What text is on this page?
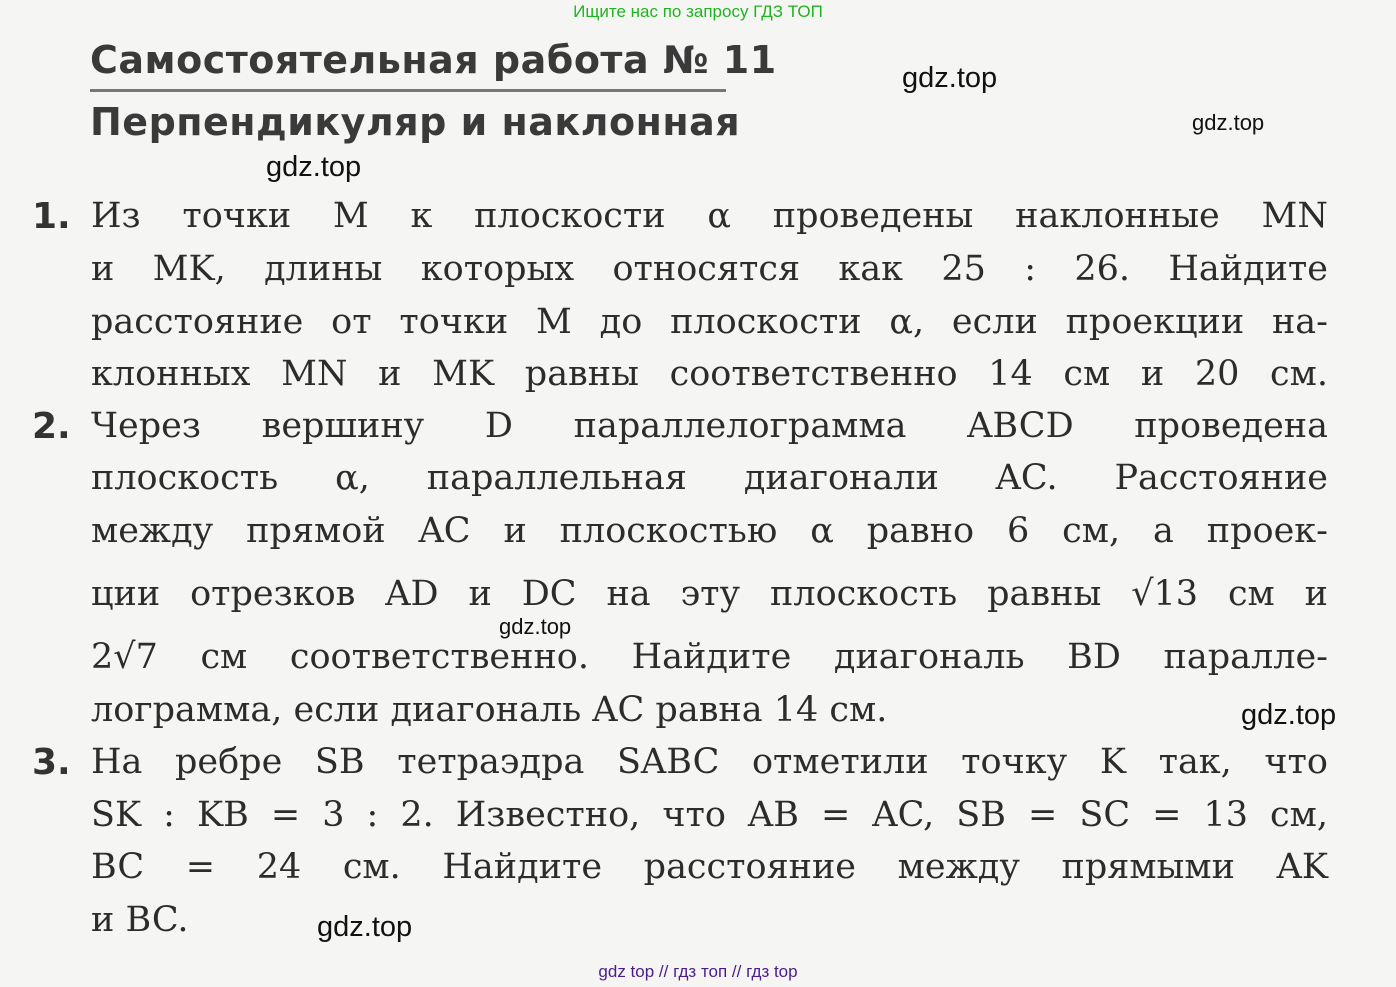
Ищите нас по запросу ГДЗ ТОП
Самостоятельная работа № 11
Перпендикуляр и наклонная
gdz.top
gdz.top
gdz.top
gdz.top
gdz.top
gdz.top
1. Из точки M к плоскости α проведены наклонные MN
и MK, длины которых относятся как 25 : 26. Найдите
расстояние от точки M до плоскости α, если проекции на-
клонных MN и MK равны соответственно 14 см и 20 см.
2. Через вершину D параллелограмма ABCD проведена
плоскость α, параллельная диагонали AC. Расстояние
между прямой AC и плоскостью α равно 6 см, а проек-
ции отрезков AD и DC на эту плоскость равны √13 см и
2√7 см соответственно. Найдите диагональ BD паралле-
лограмма, если диагональ AC равна 14 см.
3. На ребре SB тетраэдра SABC отметили точку K так, что
SK : KB = 3 : 2. Известно, что AB = AC, SB = SC = 13 см,
BC = 24 см. Найдите расстояние между прямыми AK
и BC.
gdz top // гдз топ // гдз top
